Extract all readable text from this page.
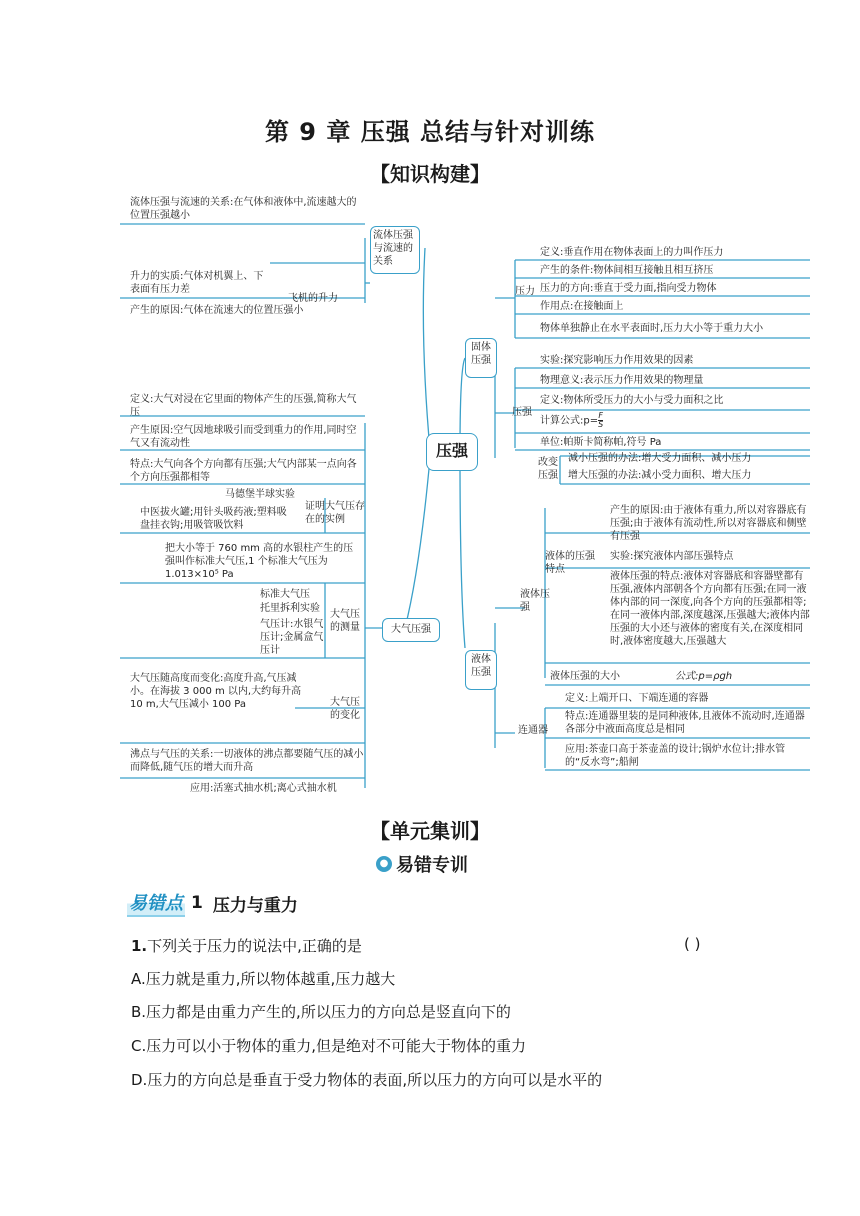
第 9 章 压强 总结与针对训练
【知识构建】
压强
流体压强与流速的关系
流体压强与流速的关系:在气体和液体中,流速越大的位置压强越小
飞机的升力
升力的实质:气体对机翼上、下表面有压力差
产生的原因:气体在流速大的位置压强小
大气压强
定义:大气对浸在它里面的物体产生的压强,简称大气压
产生原因:空气因地球吸引而受到重力的作用,同时空气又有流动性
特点:大气向各个方向都有压强;大气内部某一点向各个方向压强都相等
马德堡半球实验
中医拔火罐;用针头吸药液;塑料吸盘挂衣钩;用吸管吸饮料
证明大气压存在的实例
把大小等于 760 mm 高的水银柱产生的压强叫作标准大气压,1 个标准大气压为 1.013×10⁵ Pa
标准大气压
托里拆利实验
气压计:水银气压计;金属盒气压计
大气压的测量
大气压随高度而变化:高度升高,气压减小。在海拔 3 000 m 以内,大约每升高 10 m,大气压减小 100 Pa	大气压的变化
沸点与气压的关系:一切液体的沸点都要随气压的减小而降低,随气压的增大而升高
应用:活塞式抽水机;离心式抽水机
固体压强
压力
定义:垂直作用在物体表面上的力叫作压力
产生的条件:物体间相互接触且相互挤压
压力的方向:垂直于受力面,指向受力物体
作用点:在接触面上
物体单独静止在水平表面时,压力大小等于重力大小
压强
实验:探究影响压力作用效果的因素
物理意义:表示压力作用效果的物理量
定义:物体所受压力的大小与受力面积之比
计算公式:p= $\frac{F}{S}$
单位:帕斯卡简称帕,符号 Pa
改变压强
减小压强的办法:增大受力面积、减小压力
增大压强的办法:减小受力面积、增大压力
液体压强
液体压强
液体的压强特点
产生的原因:由于液体有重力,所以对容器底有压强;由于液体有流动性,所以对容器底和侧壁有压强
实验:探究液体内部压强特点
液体压强的特点:液体对容器底和容器壁都有压强,液体内部朝各个方向都有压强;在同一液体内部的同一深度,向各个方向的压强都相等;在同一液体内部,深度越深,压强越大;液体内部压强的大小还与液体的密度有关,在深度相同时,液体密度越大,压强越大
液体压强的大小	公式:p=ρgh
连通器
定义:上端开口、下端连通的容器
特点:连通器里装的是同种液体,且液体不流动时,连通器各部分中液面高度总是相同
应用:茶壶口高于茶壶盖的设计;锅炉水位计;排水管的“反水弯”;船闸
【单元集训】
● 易错专训
易错点 1 压力与重力
1.下列关于压力的说法中,正确的是	( )
A.压力就是重力,所以物体越重,压力越大
B.压力都是由重力产生的,所以压力的方向总是竖直向下的
C.压力可以小于物体的重力,但是绝对不可能大于物体的重力
D.压力的方向总是垂直于受力物体的表面,所以压力的方向可以是水平的
